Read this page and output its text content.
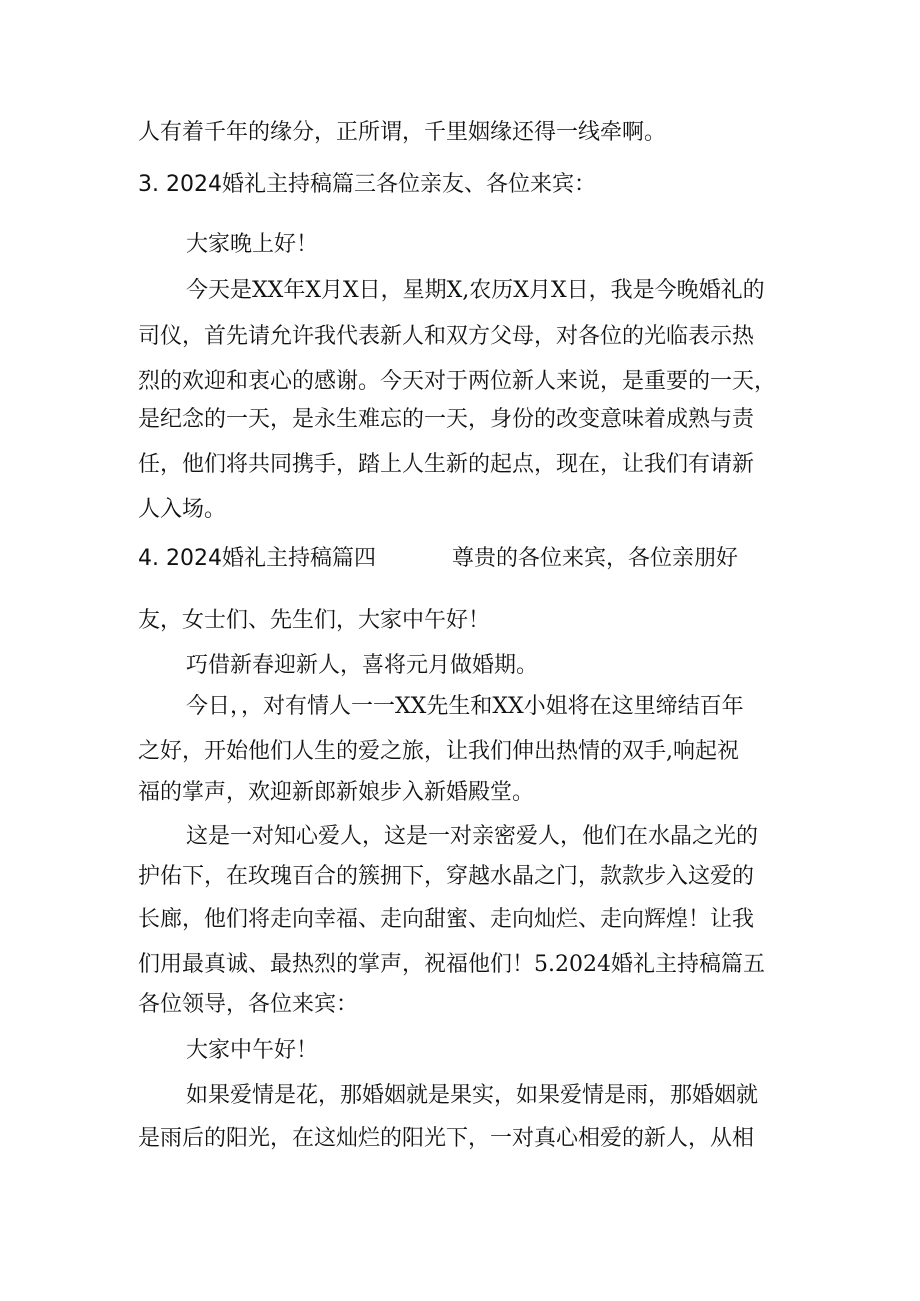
人有着千年的缘分，正所谓，千里姻缘还得一线牵啊。
3. 2024婚礼主持稿篇三各位亲友、各位来宾：
大家晚上好！
今天是XX年X月X日，星期X,农历X月X日，我是今晚婚礼的
司仪，首先请允许我代表新人和双方父母，对各位的光临表示热
烈的欢迎和衷心的感谢。今天对于两位新人来说，是重要的一天，
是纪念的一天，是永生难忘的一天，身份的改变意味着成熟与责
任，他们将共同携手，踏上人生新的起点，现在，让我们有请新
人入场。
4. 2024婚礼主持稿篇四	尊贵的各位来宾，各位亲朋好
友，女士们、先生们，大家中午好！
巧借新春迎新人，喜将元月做婚期。
今日，，对有情人一一XX先生和XX小姐将在这里缔结百年
之好，开始他们人生的爱之旅，让我们伸出热情的双手,响起祝
福的掌声，欢迎新郎新娘步入新婚殿堂。
这是一对知心爱人，这是一对亲密爱人，他们在水晶之光的
护佑下，在玫瑰百合的簇拥下，穿越水晶之门，款款步入这爱的
长廊，他们将走向幸福、走向甜蜜、走向灿烂、走向辉煌！让我
们用最真诚、最热烈的掌声，祝福他们！5.2024婚礼主持稿篇五
各位领导，各位来宾：
大家中午好！
如果爱情是花，那婚姻就是果实，如果爱情是雨，那婚姻就
是雨后的阳光，在这灿烂的阳光下，一对真心相爱的新人，从相
